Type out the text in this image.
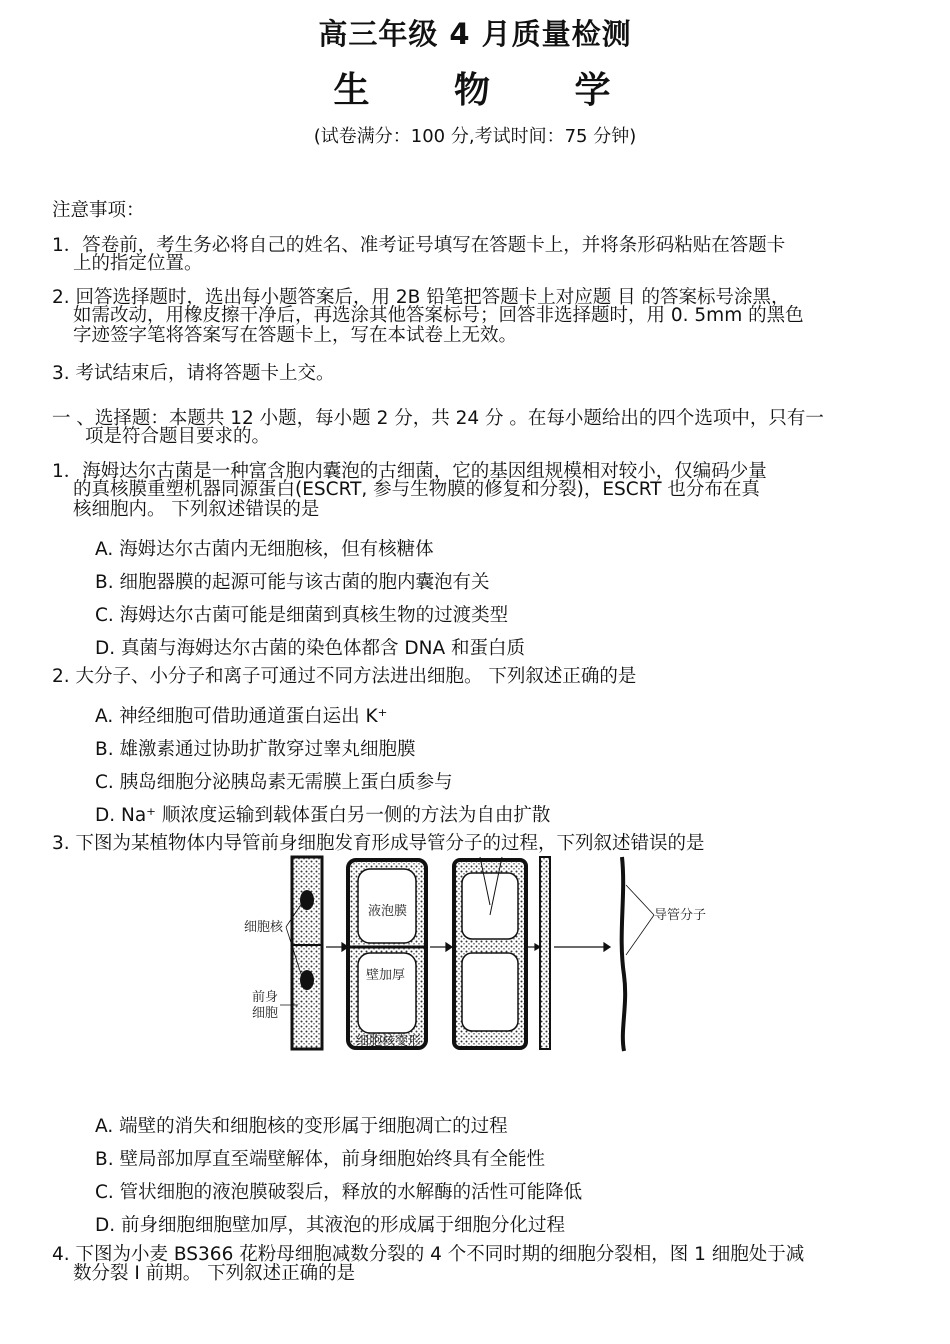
高三年级 4 月质量检测
生 物 学
(试卷满分：100 分,考试时间：75 分钟)
注意事项：
1．答卷前，考生务必将自己的姓名、准考证号填写在答题卡上，并将条形码粘贴在答题卡
上的指定位置。
2. 回答选择题时，选出每小题答案后，用 2B 铅笔把答题卡上对应题 目 的答案标号涂黑，
如需改动，用橡皮擦干净后，再选涂其他答案标号；回答非选择题时，用 0. 5mm 的黑色
字迹签字笔将答案写在答题卡上，写在本试卷上无效。
3. 考试结束后，请将答题卡上交。
一 、选择题：本题共 12 小题，每小题 2 分，共 24 分 。在每小题给出的四个选项中，只有一
项是符合题目要求的。
1．海姆达尔古菌是一种富含胞内囊泡的古细菌，它的基因组规模相对较小，仅编码少量
的真核膜重塑机器同源蛋白(ESCRT, 参与生物膜的修复和分裂)，ESCRT 也分布在真
核细胞内。 下列叙述错误的是
A. 海姆达尔古菌内无细胞核，但有核糖体
B. 细胞器膜的起源可能与该古菌的胞内囊泡有关
C. 海姆达尔古菌可能是细菌到真核生物的过渡类型
D. 真菌与海姆达尔古菌的染色体都含 DNA 和蛋白质
2. 大分子、小分子和离子可通过不同方法进出细胞。 下列叙述正确的是
A. 神经细胞可借助通道蛋白运出 K⁺
B. 雄激素通过协助扩散穿过睾丸细胞膜
C. 胰岛细胞分泌胰岛素无需膜上蛋白质参与
D. Na⁺ 顺浓度运输到载体蛋白另一侧的方法为自由扩散
3. 下图为某植物体内导管前身细胞发育形成导管分子的过程，下列叙述错误的是
细胞核
液泡膜
壁加厚
前身
细胞
细胞核变形
导管分子
A. 端壁的消失和细胞核的变形属于细胞凋亡的过程
B. 壁局部加厚直至端壁解体，前身细胞始终具有全能性
C. 管状细胞的液泡膜破裂后，释放的水解酶的活性可能降低
D. 前身细胞细胞壁加厚，其液泡的形成属于细胞分化过程
4. 下图为小麦 BS366 花粉母细胞减数分裂的 4 个不同时期的细胞分裂相，图 1 细胞处于减
数分裂 Ⅰ 前期。 下列叙述正确的是
